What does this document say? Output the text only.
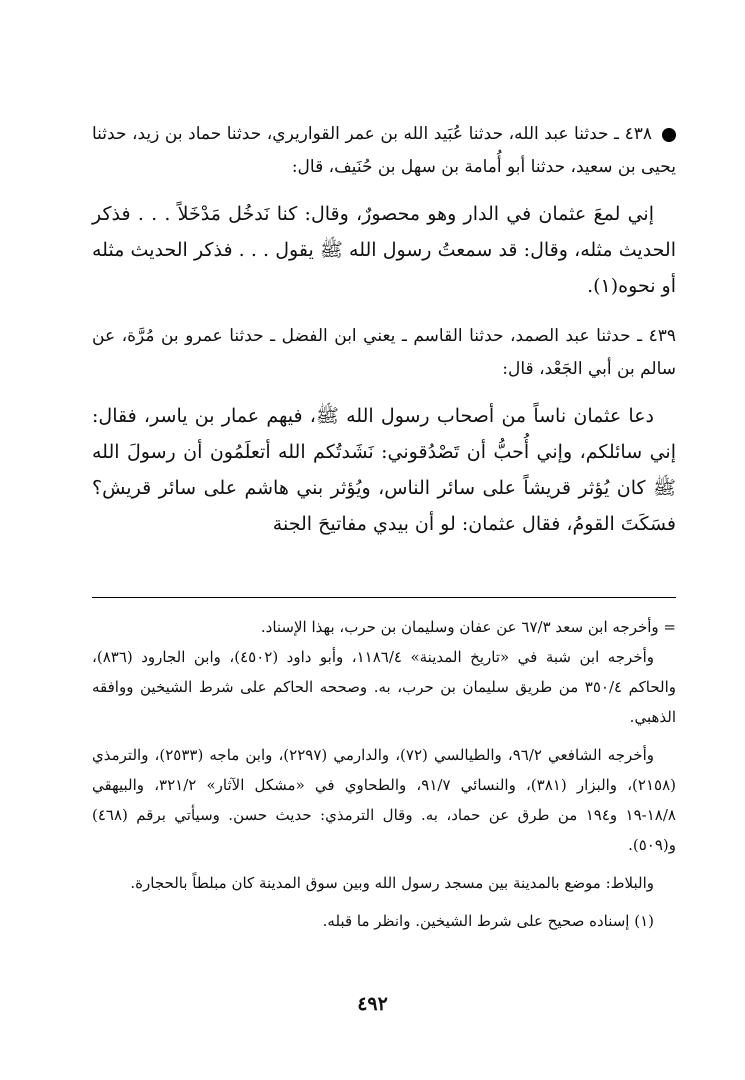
٤٣٨ ـ حدثنا عبد الله، حدثنا عُبَيد الله بن عمر القواريري، حدثنا حماد بن زيد، حدثنا يحيى بن سعيد، حدثنا أبو أُمامة بن سهل بن حُنَيف، قال:

إني لمعَ عثمان في الدار وهو محصورٌ، وقال: كنا نَدخُل مَدْخَلاً . . . فذكر الحديث مثله، وقال: قد سمعتُ رسول الله ﷺ يقول . . . فذكر الحديث مثله أو نحوه(١).

٤٣٩ ـ حدثنا عبد الصمد، حدثنا القاسم ـ يعني ابن الفضل ـ حدثنا عمرو بن مُرَّة، عن سالم بن أبي الجَعْد، قال:

دعا عثمان ناساً من أصحاب رسول الله ﷺ، فيهم عمار بن ياسر، فقال: إني سائلكم، وإني أُحبُّ أن تَصْدُقوني: نَشَدتُكم الله أتعلَمُون أن رسولَ الله ﷺ كان يُؤثر قريشاً على سائر الناس، ويُؤثر بني هاشم على سائر قريش؟ فسَكَتَ القومُ، فقال عثمان: لو أن بيدي مفاتيحَ الجنة

= وأخرجه ابن سعد ٦٧/٣ عن عفان وسليمان بن حرب، بهذا الإسناد.

وأخرجه ابن شبة في «تاريخ المدينة» ١١٨٦/٤، وأبو داود (٤٥٠٢)، وابن الجارود (٨٣٦)، والحاكم ٣٥٠/٤ من طريق سليمان بن حرب، به. وصححه الحاكم على شرط الشيخين ووافقه الذهبي.

وأخرجه الشافعي ٩٦/٢، والطيالسي (٧٢)، والدارمي (٢٢٩٧)، وابن ماجه (٢٥٣٣)، والترمذي (٢١٥٨)، والبزار (٣٨١)، والنسائي ٩١/٧، والطحاوي في «مشكل الآثار» ٣٢١/٢، والبيهقي ١٨/٨-١٩ و١٩٤ من طرق عن حماد، به. وقال الترمذي: حديث حسن. وسيأتي برقم (٤٦٨) و(٥٠٩).

والبلاط: موضع بالمدينة بين مسجد رسول الله وبين سوق المدينة كان مبلطاً بالحجارة.

(١) إسناده صحيح على شرط الشيخين. وانظر ما قبله.

٤٩٢
